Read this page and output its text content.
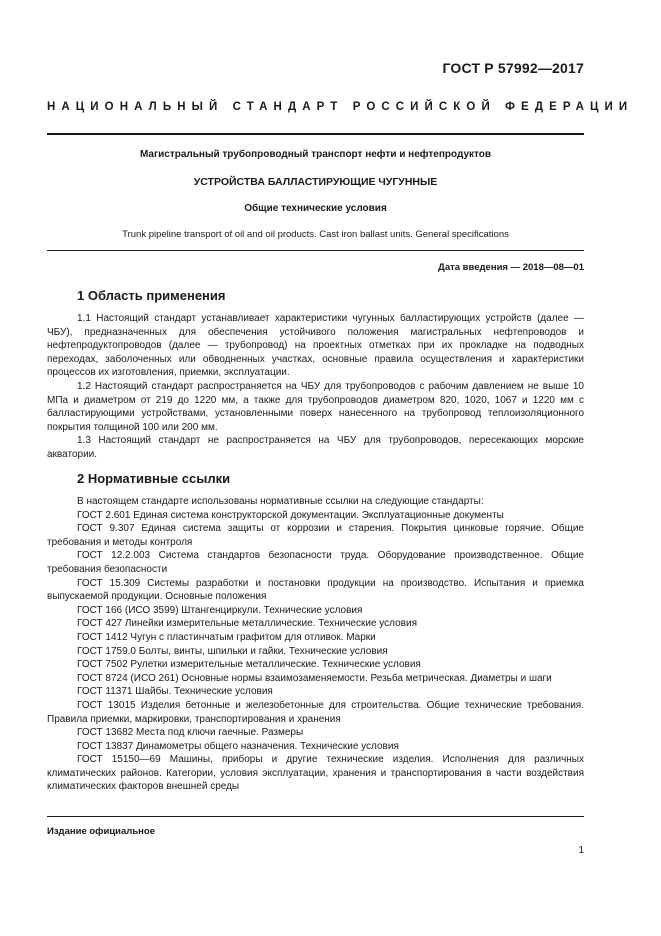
ГОСТ Р 57992—2017
НАЦИОНАЛЬНЫЙ СТАНДАРТ РОССИЙСКОЙ ФЕДЕРАЦИИ
Магистральный трубопроводный транспорт нефти и нефтепродуктов
УСТРОЙСТВА БАЛЛАСТИРУЮЩИЕ ЧУГУННЫЕ
Общие технические условия
Trunk pipeline transport of oil and oil products. Cast iron ballast units. General specifications
Дата введения — 2018—08—01
1 Область применения

1.1 Настоящий стандарт устанавливает характеристики чугунных балластирующих устройств (далее — ЧБУ), предназначенных для обеспечения устойчивого положения магистральных нефтепроводов и нефтепродуктопроводов (далее — трубопровод) на проектных отметках при их прокладке на подводных переходах, заболоченных или обводненных участках, основные правила осуществления и характеристики процессов их изготовления, приемки, эксплуатации.

1.2 Настоящий стандарт распространяется на ЧБУ для трубопроводов с рабочим давлением не выше 10 МПа и диаметром от 219 до 1220 мм, а также для трубопроводов диаметром 820, 1020, 1067 и 1220 мм с балластирующими устройствами, установленными поверх нанесенного на трубопровод теплоизоляционного покрытия толщиной 100 или 200 мм.

1.3 Настоящий стандарт не распространяется на ЧБУ для трубопроводов, пересекающих морские акватории.

2 Нормативные ссылки

В настоящем стандарте использованы нормативные ссылки на следующие стандарты:

ГОСТ 2.601 Единая система конструкторской документации. Эксплуатационные документы

ГОСТ 9.307 Единая система защиты от коррозии и старения. Покрытия цинковые горячие. Общие требования и методы контроля

ГОСТ 12.2.003 Система стандартов безопасности труда. Оборудование производственное. Общие требования безопасности

ГОСТ 15.309 Системы разработки и постановки продукции на производство. Испытания и приемка выпускаемой продукции. Основные положения

ГОСТ 166 (ИСО 3599) Штангенциркули. Технические условия

ГОСТ 427 Линейки измерительные металлические. Технические условия

ГОСТ 1412 Чугун с пластинчатым графитом для отливок. Марки

ГОСТ 1759.0 Болты, винты, шпильки и гайки. Технические условия

ГОСТ 7502 Рулетки измерительные металлические. Технические условия

ГОСТ 8724 (ИСО 261) Основные нормы взаимозаменяемости. Резьба метрическая. Диаметры и шаги

ГОСТ 11371 Шайбы. Технические условия

ГОСТ 13015 Изделия бетонные и железобетонные для строительства. Общие технические требования. Правила приемки, маркировки, транспортирования и хранения

ГОСТ 13682 Места под ключи гаечные. Размеры

ГОСТ 13837 Динамометры общего назначения. Технические условия

ГОСТ 15150—69 Машины, приборы и другие технические изделия. Исполнения для различных климатических районов. Категории, условия эксплуатации, хранения и транспортирования в части воздействия климатических факторов внешней среды

Издание официальное
1
